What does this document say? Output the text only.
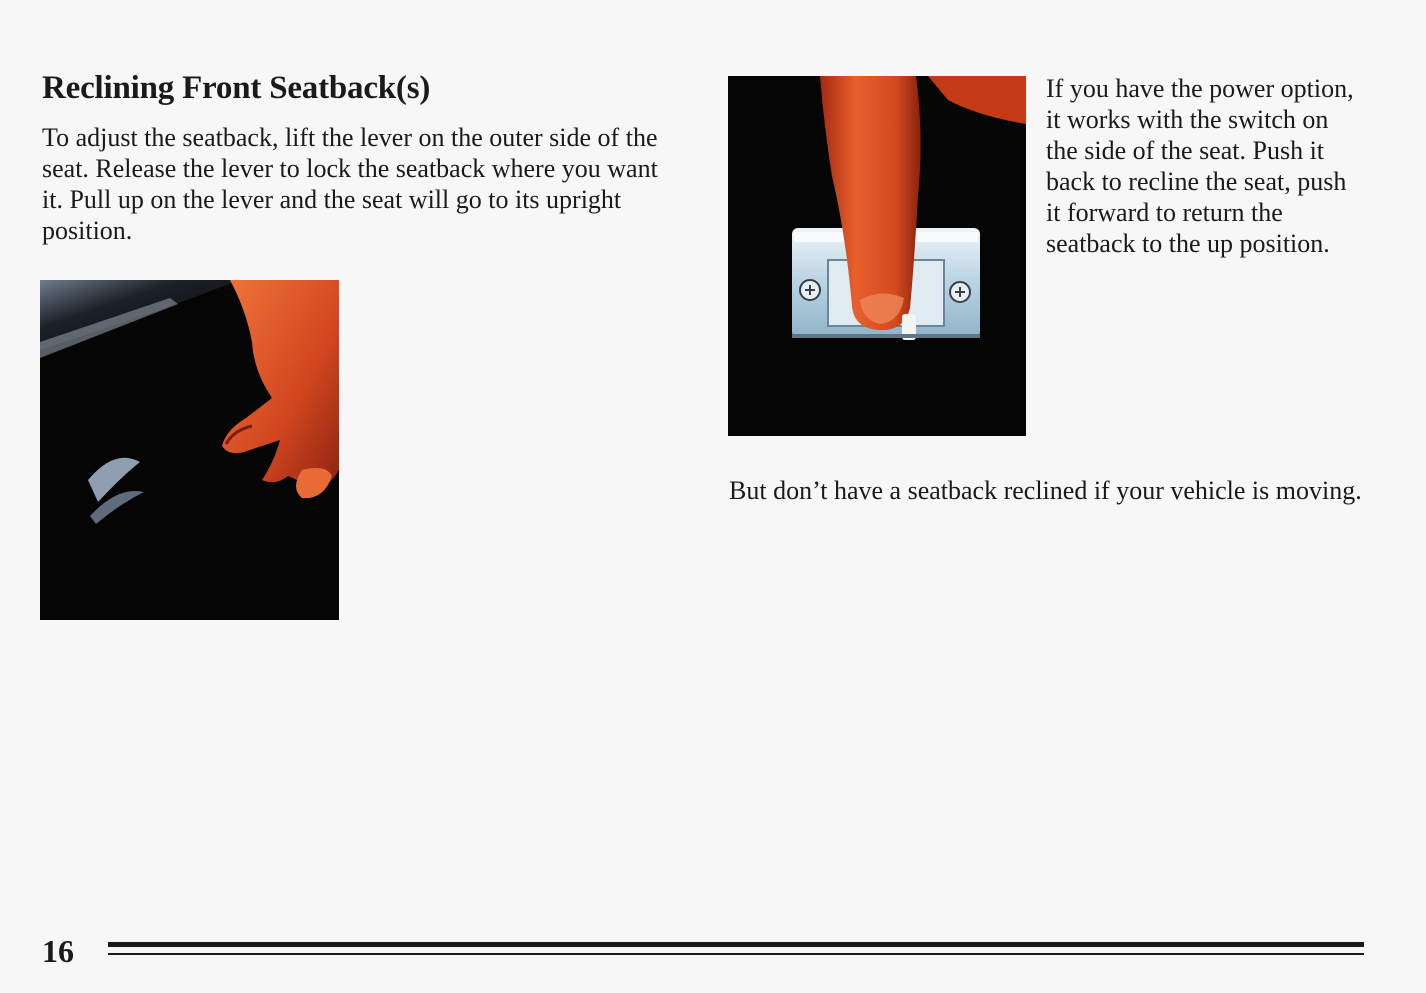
Reclining Front Seatback(s)

To adjust the seatback, lift the lever on the outer side of the seat. Release the lever to lock the seatback where you want it. Pull up on the lever and the seat will go to its upright position.

If you have the power option, it works with the switch on the side of the seat. Push it back to recline the seat, push it forward to return the seatback to the up position.

But don’t have a seatback reclined if your vehicle is moving.

16
